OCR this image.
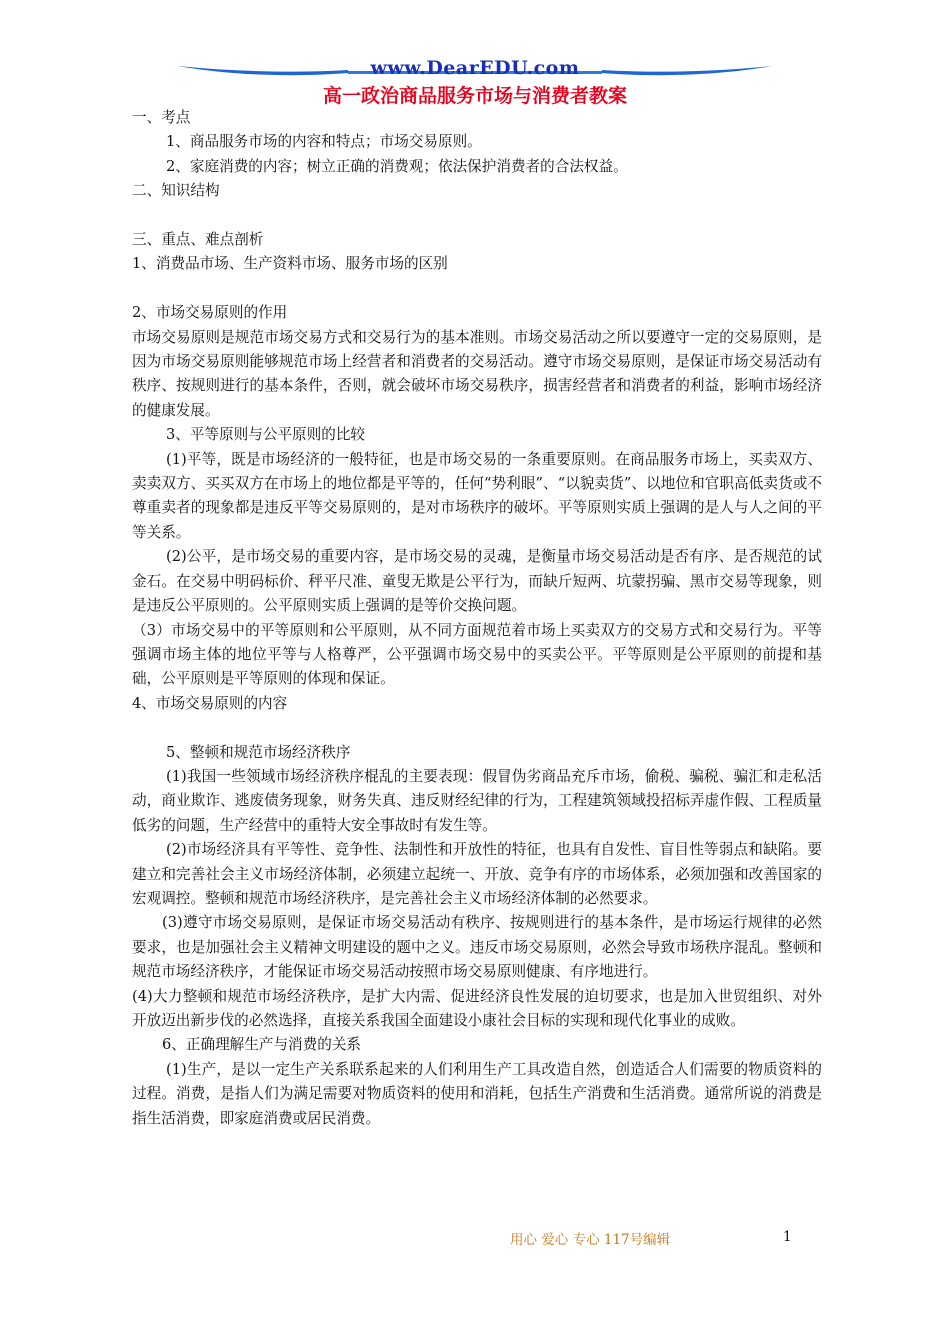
www.DearEDU.com
高一政治商品服务市场与消费者教案

一、考点

1、商品服务市场的内容和特点；市场交易原则。

2、家庭消费的内容；树立正确的消费观；依法保护消费者的合法权益。

二、知识结构

三、重点、难点剖析

1、消费品市场、生产资料市场、服务市场的区别

2、市场交易原则的作用

市场交易原则是规范市场交易方式和交易行为的基本准则。市场交易活动之所以要遵守一定的交易原则，是因为市场交易原则能够规范市场上经营者和消费者的交易活动。遵守市场交易原则，是保证市场交易活动有秩序、按规则进行的基本条件，否则，就会破坏市场交易秩序，损害经营者和消费者的利益，影响市场经济的健康发展。

3、平等原则与公平原则的比较

(1)平等，既是市场经济的一般特征，也是市场交易的一条重要原则。在商品服务市场上，买卖双方、卖卖双方、买买双方在市场上的地位都是平等的，任何“势利眼”、“以貌卖货”、以地位和官职高低卖货或不尊重卖者的现象都是违反平等交易原则的，是对市场秩序的破坏。平等原则实质上强调的是人与人之间的平等关系。

(2)公平，是市场交易的重要内容，是市场交易的灵魂，是衡量市场交易活动是否有序、是否规范的试金石。在交易中明码标价、秤平尺准、童叟无欺是公平行为，而缺斤短两、坑蒙拐骗、黑市交易等现象，则是违反公平原则的。公平原则实质上强调的是等价交换问题。

（3）市场交易中的平等原则和公平原则，从不同方面规范着市场上买卖双方的交易方式和交易行为。平等强调市场主体的地位平等与人格尊严，公平强调市场交易中的买卖公平。平等原则是公平原则的前提和基础，公平原则是平等原则的体现和保证。

4、市场交易原则的内容

5、整顿和规范市场经济秩序

(1)我国一些领域市场经济秩序棍乱的主要表现：假冒伪劣商品充斥市场，偷税、骗税、骗汇和走私活动，商业欺诈、逃废债务现象，财务失真、违反财经纪律的行为，工程建筑领域投招标弄虚作假、工程质量低劣的问题，生产经营中的重特大安全事故时有发生等。

(2)市场经济具有平等性、竞争性、法制性和开放性的特征，也具有自发性、盲目性等弱点和缺陷。要建立和完善社会主义市场经济体制，必须建立起统一、开放、竞争有序的市场体系，必须加强和改善国家的宏观调控。整顿和规范市场经济秩序，是完善社会主义市场经济体制的必然要求。

(3)遵守市场交易原则，是保证市场交易活动有秩序、按规则进行的基本条件，是市场运行规律的必然要求，也是加强社会主义精神文明建设的题中之义。违反市场交易原则，必然会导致市场秩序混乱。整顿和规范市场经济秩序，才能保证市场交易活动按照市场交易原则健康、有序地进行。

(4)大力整顿和规范市场经济秩序，是扩大内需、促进经济良性发展的迫切要求，也是加入世贸组织、对外开放迈出新步伐的必然选择，直接关系我国全面建设小康社会目标的实现和现代化事业的成败。

6、正确理解生产与消费的关系

(1)生产，是以一定生产关系联系起来的人们利用生产工具改造自然，创造适合人们需要的物质资料的过程。消费，是指人们为满足需要对物质资料的使用和消耗，包括生产消费和生活消费。通常所说的消费是指生活消费，即家庭消费或居民消费。

用心 爱心 专心 117号编辑	1
